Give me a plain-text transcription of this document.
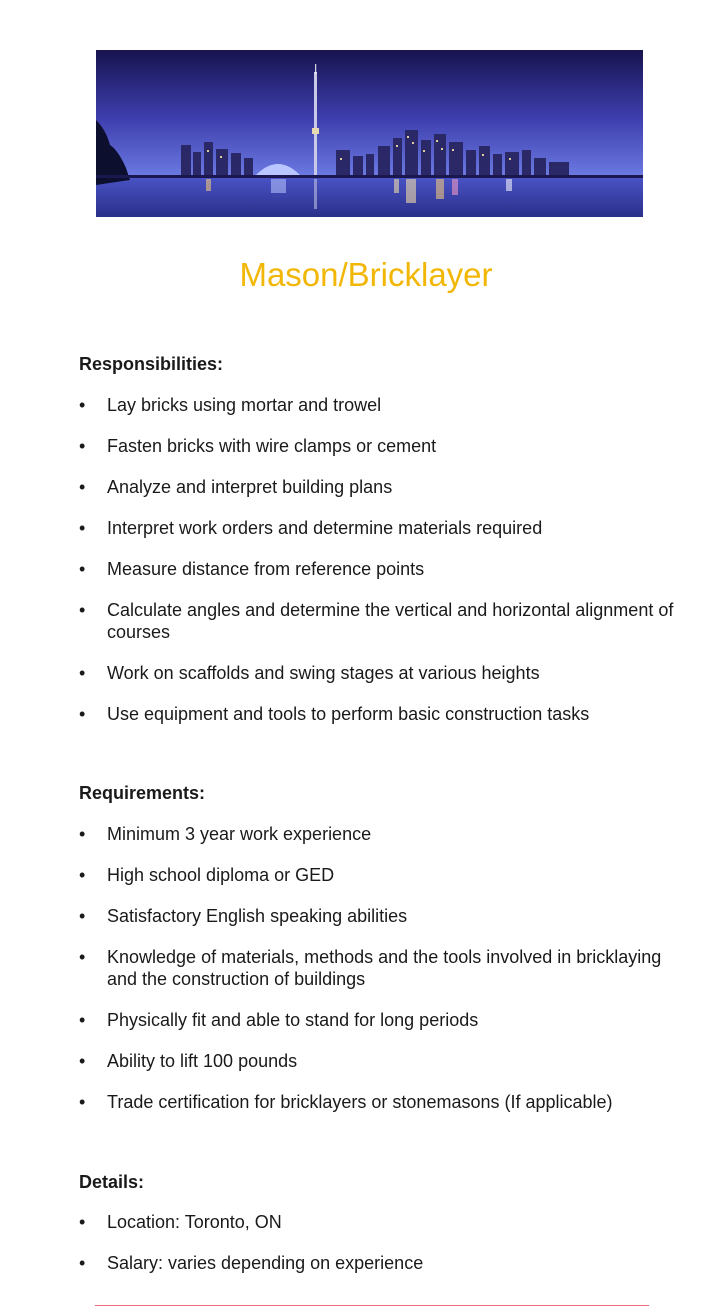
Mason/Bricklayer
Responsibilities:
• Lay bricks using mortar and trowel
• Fasten bricks with wire clamps or cement
• Analyze and interpret building plans
• Interpret work orders and determine materials required
• Measure distance from reference points
• Calculate angles and determine the vertical and horizontal alignment of courses
• Work on scaffolds and swing stages at various heights
• Use equipment and tools to perform basic construction tasks
Requirements:
• Minimum 3 year work experience
• High school diploma or GED
• Satisfactory English speaking abilities
• Knowledge of materials, methods and the tools involved in bricklaying and the construction of buildings
• Physically fit and able to stand for long periods
• Ability to lift 100 pounds
• Trade certification for bricklayers or stonemasons (If applicable)
Details:
• Location: Toronto, ON
• Salary: varies depending on experience
